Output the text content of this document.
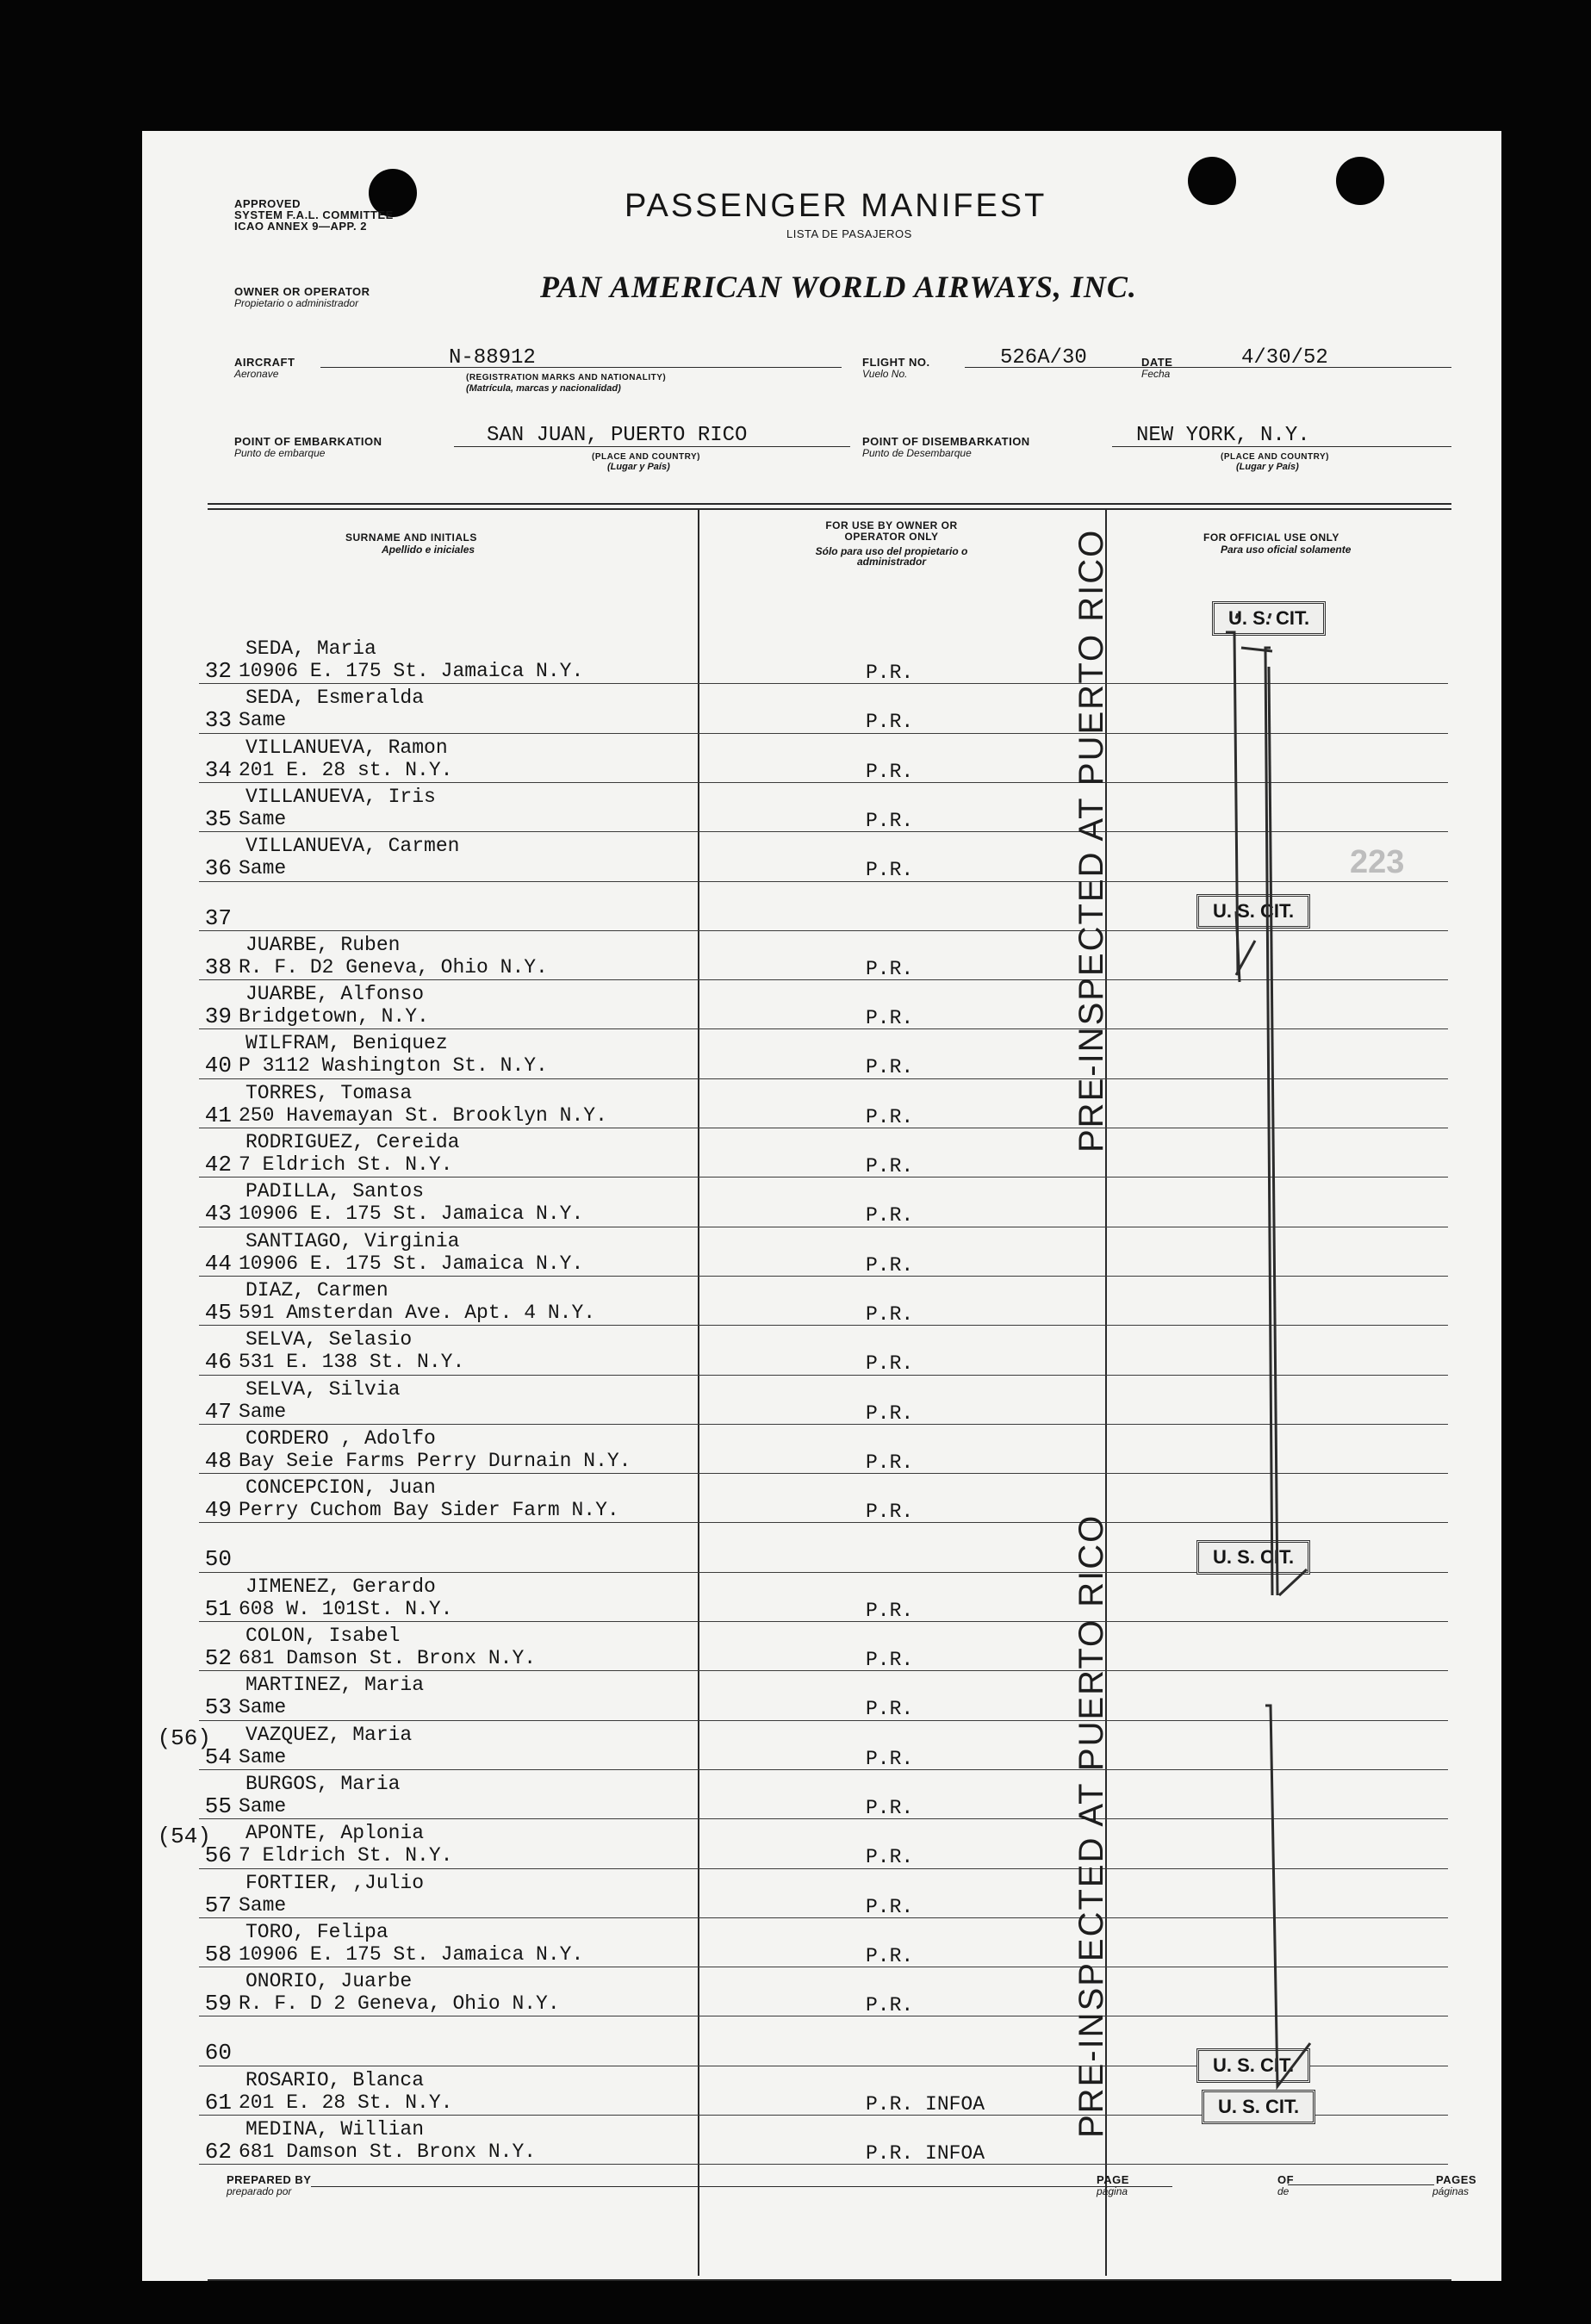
APPROVED
SYSTEM F.A.L. COMMITTEE
ICAO ANNEX 9—APP. 2
PASSENGER MANIFEST
LISTA DE PASAJEROS
OWNER OR OPERATOR
Propietario o administrador	PAN AMERICAN WORLD AIRWAYS, INC.
AIRCRAFT
Aeronave
N-88912
(REGISTRATION MARKS AND NATIONALITY)
(Matrícula, marcas y nacionalidad)
FLIGHT NO.
Vuelo No.
526A/30	DATE
Fecha
4/30/52
POINT OF EMBARKATION
Punto de embarque
SAN JUAN, PUERTO RICO
(PLACE AND COUNTRY)
(Lugar y País)
POINT OF DISEMBARKATION
Punto de Desembarque
NEW YORK, N.Y.
(PLACE AND COUNTRY)
(Lugar y País)
SURNAME AND INITIALS
Apellido e iniciales
FOR USE BY OWNER OR OPERATOR ONLY
Sólo para uso del propietario o administrador
FOR OFFICIAL USE ONLY
Para uso oficial solamente
32
SEDA, Maria
10906 E. 175 St. Jamaica N.Y.	P.R.
33
SEDA, Esmeralda
Same	P.R.
34
VILLANUEVA, Ramon
201 E. 28 st. N.Y.	P.R.
35
VILLANUEVA, Iris
Same	P.R.
36
VILLANUEVA, Carmen
Same	P.R.
37
38
JUARBE, Ruben
R. F. D2 Geneva, Ohio N.Y.	P.R.
39
JUARBE, Alfonso
Bridgetown, N.Y.	P.R.
40
WILFRAM, Beniquez
P 3112 Washington St. N.Y.	P.R.
41
TORRES, Tomasa
250 Havemayan St. Brooklyn N.Y.	P.R.
42
RODRIGUEZ, Cereida
7 Eldrich St. N.Y.	P.R.
43
PADILLA, Santos
10906 E. 175 St. Jamaica N.Y.	P.R.
44
SANTIAGO, Virginia
10906 E. 175 St. Jamaica N.Y.	P.R.
45
DIAZ, Carmen
591 Amsterdan Ave. Apt. 4 N.Y.	P.R.
46
SELVA, Selasio
531 E. 138 St. N.Y.	P.R.
47
SELVA, Silvia
Same	P.R.
48
CORDERO , Adolfo
Bay Seie Farms Perry Durnain N.Y.	P.R.
49
CONCEPCION, Juan
Perry Cuchom Bay Sider Farm N.Y.	P.R.
50
51
JIMENEZ, Gerardo
608 W. 101St. N.Y.	P.R.
52
COLON, Isabel
681 Damson St. Bronx N.Y.	P.R.
53
MARTINEZ, Maria
Same	P.R.
54
(56) VAZQUEZ, Maria
Same	P.R.
55
BURGOS, Maria
Same	P.R.
56
(54) APONTE, Aplonia
7 Eldrich St. N.Y.	P.R.
57
FORTIER, ,Julio
Same	P.R.
58
TORO, Felipa
10906 E. 175 St. Jamaica N.Y.	P.R.
59
ONORIO, Juarbe
R. F. D 2 Geneva, Ohio N.Y.	P.R.
60
61
ROSARIO, Blanca
201 E. 28 St. N.Y.	P.R. INFOA
62
MEDINA, Willian
681 Damson St. Bronx N.Y.	P.R. INFOA
PRE-INSPECTED AT PUERTO RICO
PRE-INSPECTED AT PUERTO RICO
223
U. S. CIT.
U. S. CIT.
U. S. CIT.
U. S. CIT.
U. S. CIT.
PREPARED BY
preparado por
PAGE
página
OF
de
PAGES
páginas
